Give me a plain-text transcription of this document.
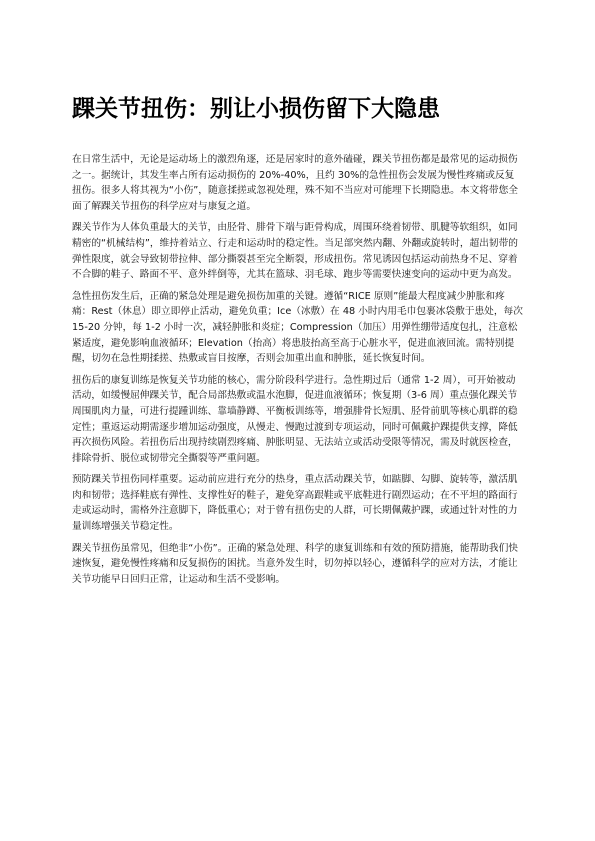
踝关节扭伤：别让小损伤留下大隐患

在日常生活中，无论是运动场上的激烈角逐，还是居家时的意外磕碰，踝关节扭伤都是最常见的运动损伤之一。据统计，其发生率占所有运动损伤的 20%-40%，且约 30%的急性扭伤会发展为慢性疼痛或反复扭伤。很多人将其视为“小伤”，随意揉搓或忽视处理，殊不知不当应对可能埋下长期隐患。本文将带您全面了解踝关节扭伤的科学应对与康复之道。

踝关节作为人体负重最大的关节，由胫骨、腓骨下端与距骨构成，周围环绕着韧带、肌腱等软组织，如同精密的“机械结构”，维持着站立、行走和运动时的稳定性。当足部突然内翻、外翻或旋转时，超出韧带的弹性限度，就会导致韧带拉伸、部分撕裂甚至完全断裂，形成扭伤。常见诱因包括运动前热身不足、穿着不合脚的鞋子、路面不平、意外绊倒等，尤其在篮球、羽毛球、跑步等需要快速变向的运动中更为高发。

急性扭伤发生后，正确的紧急处理是避免损伤加重的关键。遵循“RICE 原则”能最大程度减少肿胀和疼痛：Rest（休息）即立即停止活动，避免负重；Ice（冰敷）在 48 小时内用毛巾包裹冰袋敷于患处，每次 15-20 分钟，每 1-2 小时一次，减轻肿胀和炎症；Compression（加压）用弹性绷带适度包扎，注意松紧适度，避免影响血液循环；Elevation（抬高）将患肢抬高至高于心脏水平，促进血液回流。需特别提醒，切勿在急性期揉搓、热敷或盲目按摩，否则会加重出血和肿胀，延长恢复时间。

扭伤后的康复训练是恢复关节功能的核心，需分阶段科学进行。急性期过后（通常 1-2 周），可开始被动活动，如缓慢屈伸踝关节，配合局部热敷或温水泡脚，促进血液循环；恢复期（3-6 周）重点强化踝关节周围肌肉力量，可进行提踵训练、靠墙静蹲、平衡板训练等，增强腓骨长短肌、胫骨前肌等核心肌群的稳定性；重返运动期需逐步增加运动强度，从慢走、慢跑过渡到专项运动，同时可佩戴护踝提供支撑，降低再次损伤风险。若扭伤后出现持续剧烈疼痛、肿胀明显、无法站立或活动受限等情况，需及时就医检查，排除骨折、脱位或韧带完全撕裂等严重问题。

预防踝关节扭伤同样重要。运动前应进行充分的热身，重点活动踝关节，如踮脚、勾脚、旋转等，激活肌肉和韧带；选择鞋底有弹性、支撑性好的鞋子，避免穿高跟鞋或平底鞋进行剧烈运动；在不平坦的路面行走或运动时，需格外注意脚下，降低重心；对于曾有扭伤史的人群，可长期佩戴护踝，或通过针对性的力量训练增强关节稳定性。

踝关节扭伤虽常见，但绝非“小伤”。正确的紧急处理、科学的康复训练和有效的预防措施，能帮助我们快速恢复，避免慢性疼痛和反复损伤的困扰。当意外发生时，切勿掉以轻心，遵循科学的应对方法，才能让关节功能早日回归正常，让运动和生活不受影响。
